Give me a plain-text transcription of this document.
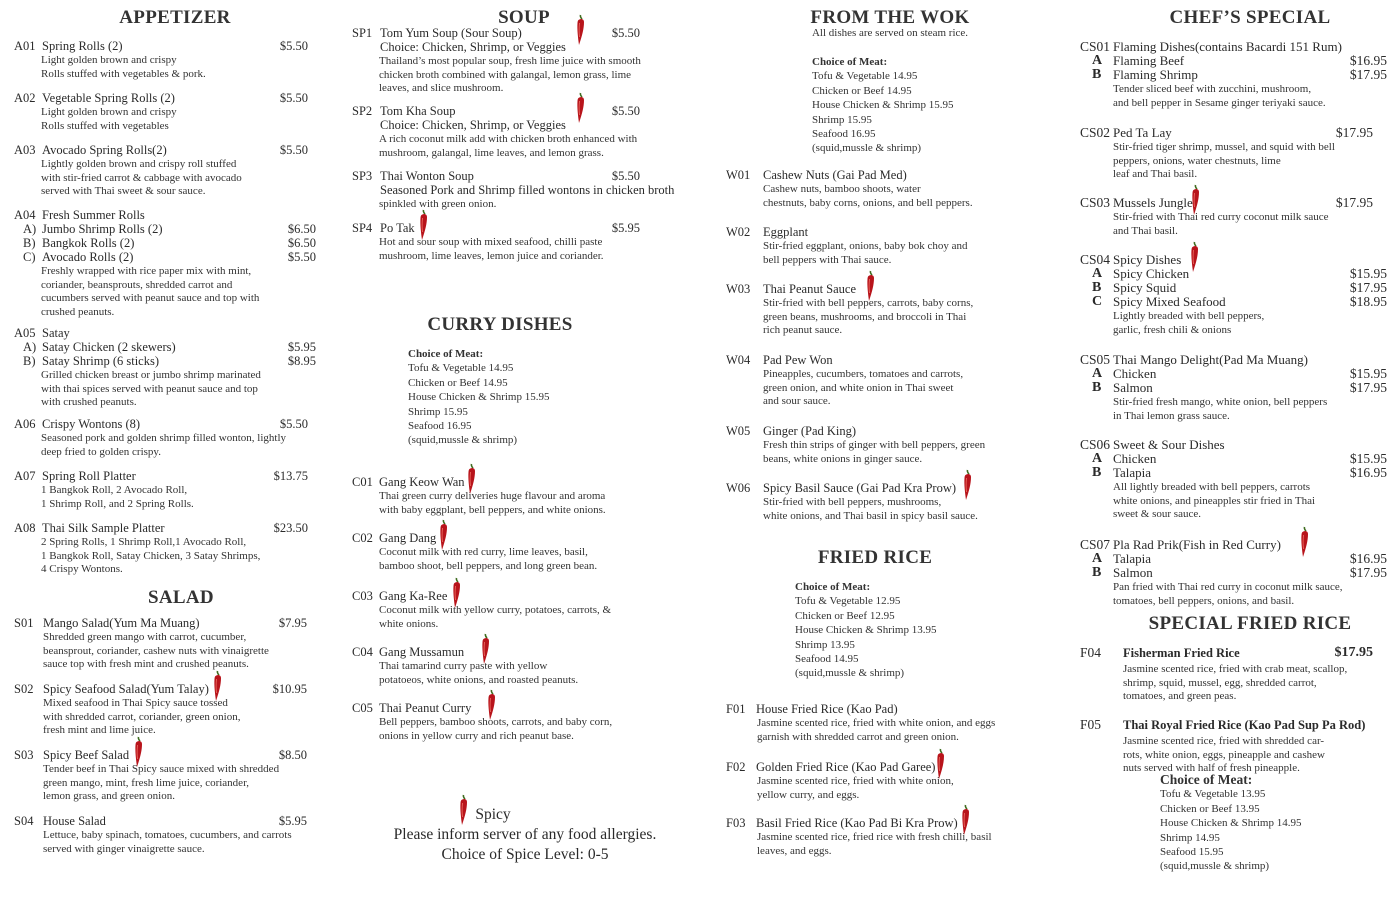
APPETIZER
A01 Spring Rolls (2)	$5.50
Light golden brown and crispy
Rolls stuffed with vegetables & pork.
A02 Vegetable Spring Rolls (2)	$5.50
Light golden brown and crispy
Rolls stuffed with vegetables
A03 Avocado Spring Rolls(2)	$5.50
Lightly golden brown and crispy roll stuffed
with stir-fried carrot & cabbage with avocado
served with Thai sweet & sour sauce.
A04 Fresh Summer Rolls
A) Jumbo Shrimp Rolls (2)	$6.50
B) Bangkok Rolls (2)	$6.50
C) Avocado Rolls (2)	$5.50
Freshly wrapped with rice paper mix with mint,
coriander, beansprouts, shredded carrot and
cucumbers served with peanut sauce and top with
crushed peanuts.
A05 Satay
A) Satay Chicken (2 skewers)	$5.95
B) Satay Shrimp (6 sticks)	$8.95
Grilled chicken breast or jumbo shrimp marinated
with thai spices served with peanut sauce and top
with crushed peanuts.
A06 Crispy Wontons (8)	$5.50
Seasoned pork and golden shrimp filled wonton, lightly
deep fried to golden crispy.
A07 Spring Roll Platter	$13.75
1 Bangkok Roll, 2 Avocado Roll,
1 Shrimp Roll, and 2 Spring Rolls.
A08 Thai Silk Sample Platter	$23.50
2 Spring Rolls, 1 Shrimp Roll,1 Avocado Roll,
1 Bangkok Roll, Satay Chicken, 3 Satay Shrimps,
4 Crispy Wontons.
SALAD
S01 Mango Salad(Yum Ma Muang)	$7.95
Shredded green mango with carrot, cucumber,
beansprout, coriander, cashew nuts with vinaigrette
sauce top with fresh mint and crushed peanuts.
S02 Spicy Seafood Salad(Yum Talay)	$10.95
Mixed seafood in Thai Spicy sauce tossed
with shredded carrot, coriander, green onion,
fresh mint and lime juice.
S03 Spicy Beef Salad	$8.50
Tender beef in Thai Spicy sauce mixed with shredded
green mango, mint, fresh lime juice, coriander,
lemon grass, and green onion.
S04 House Salad	$5.95
Lettuce, baby spinach, tomatoes, cucumbers, and carrots
served with ginger vinaigrette sauce.
SOUP
SP1 Tom Yum Soup (Sour Soup)	$5.50
Choice: Chicken, Shrimp, or Veggies
Thailand’s most popular soup, fresh lime juice with smooth
chicken broth combined with galangal, lemon grass, lime
leaves, and slice mushroom.
SP2 Tom Kha Soup	$5.50
Choice: Chicken, Shrimp, or Veggies
A rich coconut milk add with chicken broth enhanced with
mushroom, galangal, lime leaves, and lemon grass.
SP3 Thai Wonton Soup	$5.50
Seasoned Pork and Shrimp filled wontons in chicken broth
spinkled with green onion.
SP4 Po Tak	$5.95
Hot and sour soup with mixed seafood, chilli paste
mushroom, lime leaves, lemon juice and coriander.
CURRY DISHES
Choice of Meat:
Tofu & Vegetable 14.95
Chicken or Beef 14.95
House Chicken & Shrimp 15.95
Shrimp 15.95
Seafood 16.95
(squid,mussle & shrimp)
C01 Gang Keow Wan
Thai green curry deliveries huge flavour and aroma
with baby eggplant, bell peppers, and white onions.
C02 Gang Dang
Coconut milk with red curry, lime leaves, basil,
bamboo shoot, bell peppers, and long green bean.
C03 Gang Ka-Ree
Coconut milk with yellow curry, potatoes, carrots, &
white onions.
C04 Gang Mussamun
Thai tamarind curry paste with yellow
potatoeos, white onions, and roasted peanuts.
C05 Thai Peanut Curry
Bell peppers, bamboo shoots, carrots, and baby corn,
onions in yellow curry and rich peanut base.
Spicy
Please inform server of any food allergies.
Choice of Spice Level: 0-5
FROM THE WOK
All dishes are served on steam rice.
Choice of Meat:
Tofu & Vegetable 14.95
Chicken or Beef 14.95
House Chicken & Shrimp 15.95
Shrimp 15.95
Seafood 16.95
(squid,mussle & shrimp)
W01 Cashew Nuts (Gai Pad Med)
Cashew nuts, bamboo shoots, water
chestnuts, baby corns, onions, and bell peppers.
W02 Eggplant
Stir-fried eggplant, onions, baby bok choy and
bell peppers with Thai sauce.
W03 Thai Peanut Sauce
Stir-fried with bell peppers, carrots, baby corns,
green beans, mushrooms, and broccoli in Thai
rich peanut sauce.
W04 Pad Pew Won
Pineapples, cucumbers, tomatoes and carrots,
green onion, and white onion in Thai sweet
and sour sauce.
W05 Ginger (Pad King)
Fresh thin strips of ginger with bell peppers, green
beans, white onions in ginger sauce.
W06 Spicy Basil Sauce (Gai Pad Kra Prow)
Stir-fried with bell peppers, mushrooms,
white onions, and Thai basil in spicy basil sauce.
FRIED RICE
Choice of Meat:
Tofu & Vegetable 12.95
Chicken or Beef 12.95
House Chicken & Shrimp 13.95
Shrimp 13.95
Seafood 14.95
(squid,mussle & shrimp)
F01 House Fried Rice (Kao Pad)
Jasmine scented rice, fried with white onion, and eggs
garnish with shredded carrot and green onion.
F02 Golden Fried Rice (Kao Pad Garee)
Jasmine scented rice, fried with white onion,
yellow curry, and eggs.
F03 Basil Fried Rice (Kao Pad Bi Kra Prow)
Jasmine scented rice, fried rice with fresh chilli, basil
leaves, and eggs.
CHEF’S SPECIAL
CS01 Flaming Dishes(contains Bacardi 151 Rum)
A Flaming Beef	$16.95
B Flaming Shrimp	$17.95
Tender sliced beef with zucchini, mushroom,
and bell pepper in Sesame ginger teriyaki sauce.
CS02 Ped Ta Lay	$17.95
Stir-fried tiger shrimp, mussel, and squid with bell
peppers, onions, water chestnuts, lime
leaf and Thai basil.
CS03 Mussels Jungle	$17.95
Stir-fried with Thai red curry coconut milk sauce
and Thai basil.
CS04 Spicy Dishes
A Spicy Chicken	$15.95
B Spicy Squid	$17.95
C Spicy Mixed Seafood	$18.95
Lightly breaded with bell peppers,
garlic, fresh chili & onions
CS05 Thai Mango Delight(Pad Ma Muang)
A Chicken	$15.95
B Salmon	$17.95
Stir-fried fresh mango, white onion, bell peppers
in Thai lemon grass sauce.
CS06 Sweet & Sour Dishes
A Chicken	$15.95
B Talapia	$16.95
All lightly breaded with bell peppers, carrots
white onions, and pineapples stir fried in Thai
sweet & sour sauce.
CS07 Pla Rad Prik(Fish in Red Curry)
A Talapia	$16.95
B Salmon	$17.95
Pan fried with Thai red curry in coconut milk sauce,
tomatoes, bell peppers, onions, and basil.
SPECIAL FRIED RICE
F04 Fisherman Fried Rice	$17.95
Jasmine scented rice, fried with crab meat, scallop,
shrimp, squid, mussel, egg, shredded carrot,
tomatoes, and green peas.
F05 Thai Royal Fried Rice (Kao Pad Sup Pa Rod)
Jasmine scented rice, fried with shredded car-
rots, white onion, eggs, pineapple and cashew
nuts served with half of fresh pineapple.
Choice of Meat:
Tofu & Vegetable 13.95
Chicken or Beef 13.95
House Chicken & Shrimp 14.95
Shrimp 14.95
Seafood 15.95
(squid,mussle & shrimp)
